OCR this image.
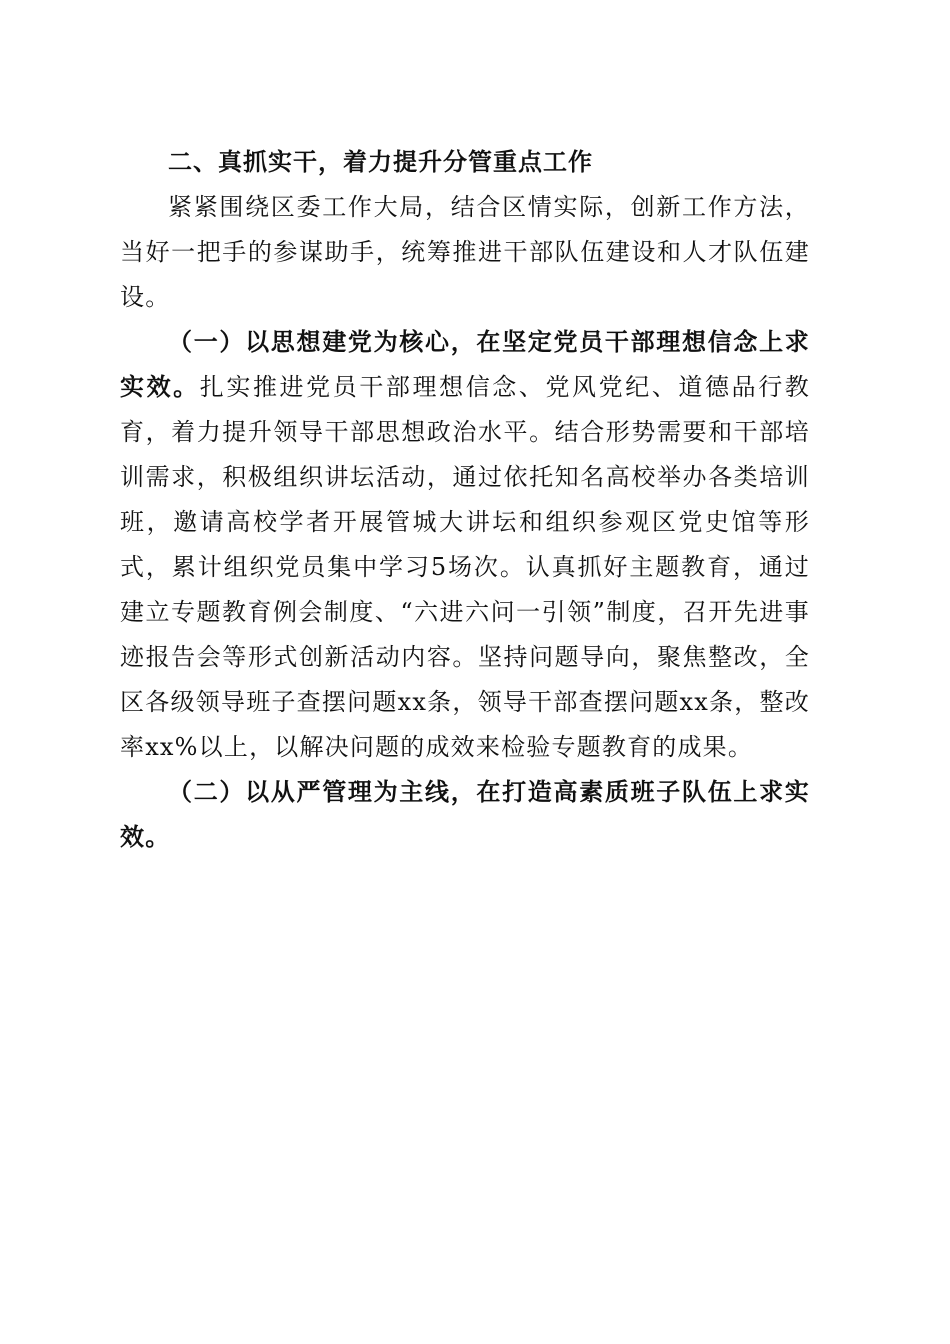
二、真抓实干，着力提升分管重点工作

紧紧围绕区委工作大局，结合区情实际，创新工作方法，当好一把手的参谋助手，统筹推进干部队伍建设和人才队伍建设。

（一）以思想建党为核心，在坚定党员干部理想信念上求实效。扎实推进党员干部理想信念、党风党纪、道德品行教育，着力提升领导干部思想政治水平。结合形势需要和干部培训需求，积极组织讲坛活动，通过依托知名高校举办各类培训班，邀请高校学者开展管城大讲坛和组织参观区党史馆等形式，累计组织党员集中学习5场次。认真抓好主题教育，通过建立专题教育例会制度、“六进六问一引领”制度，召开先进事迹报告会等形式创新活动内容。坚持问题导向，聚焦整改，全区各级领导班子查摆问题xx条，领导干部查摆问题xx条，整改率xx%以上，以解决问题的成效来检验专题教育的成果。

（二）以从严管理为主线，在打造高素质班子队伍上求实效。
